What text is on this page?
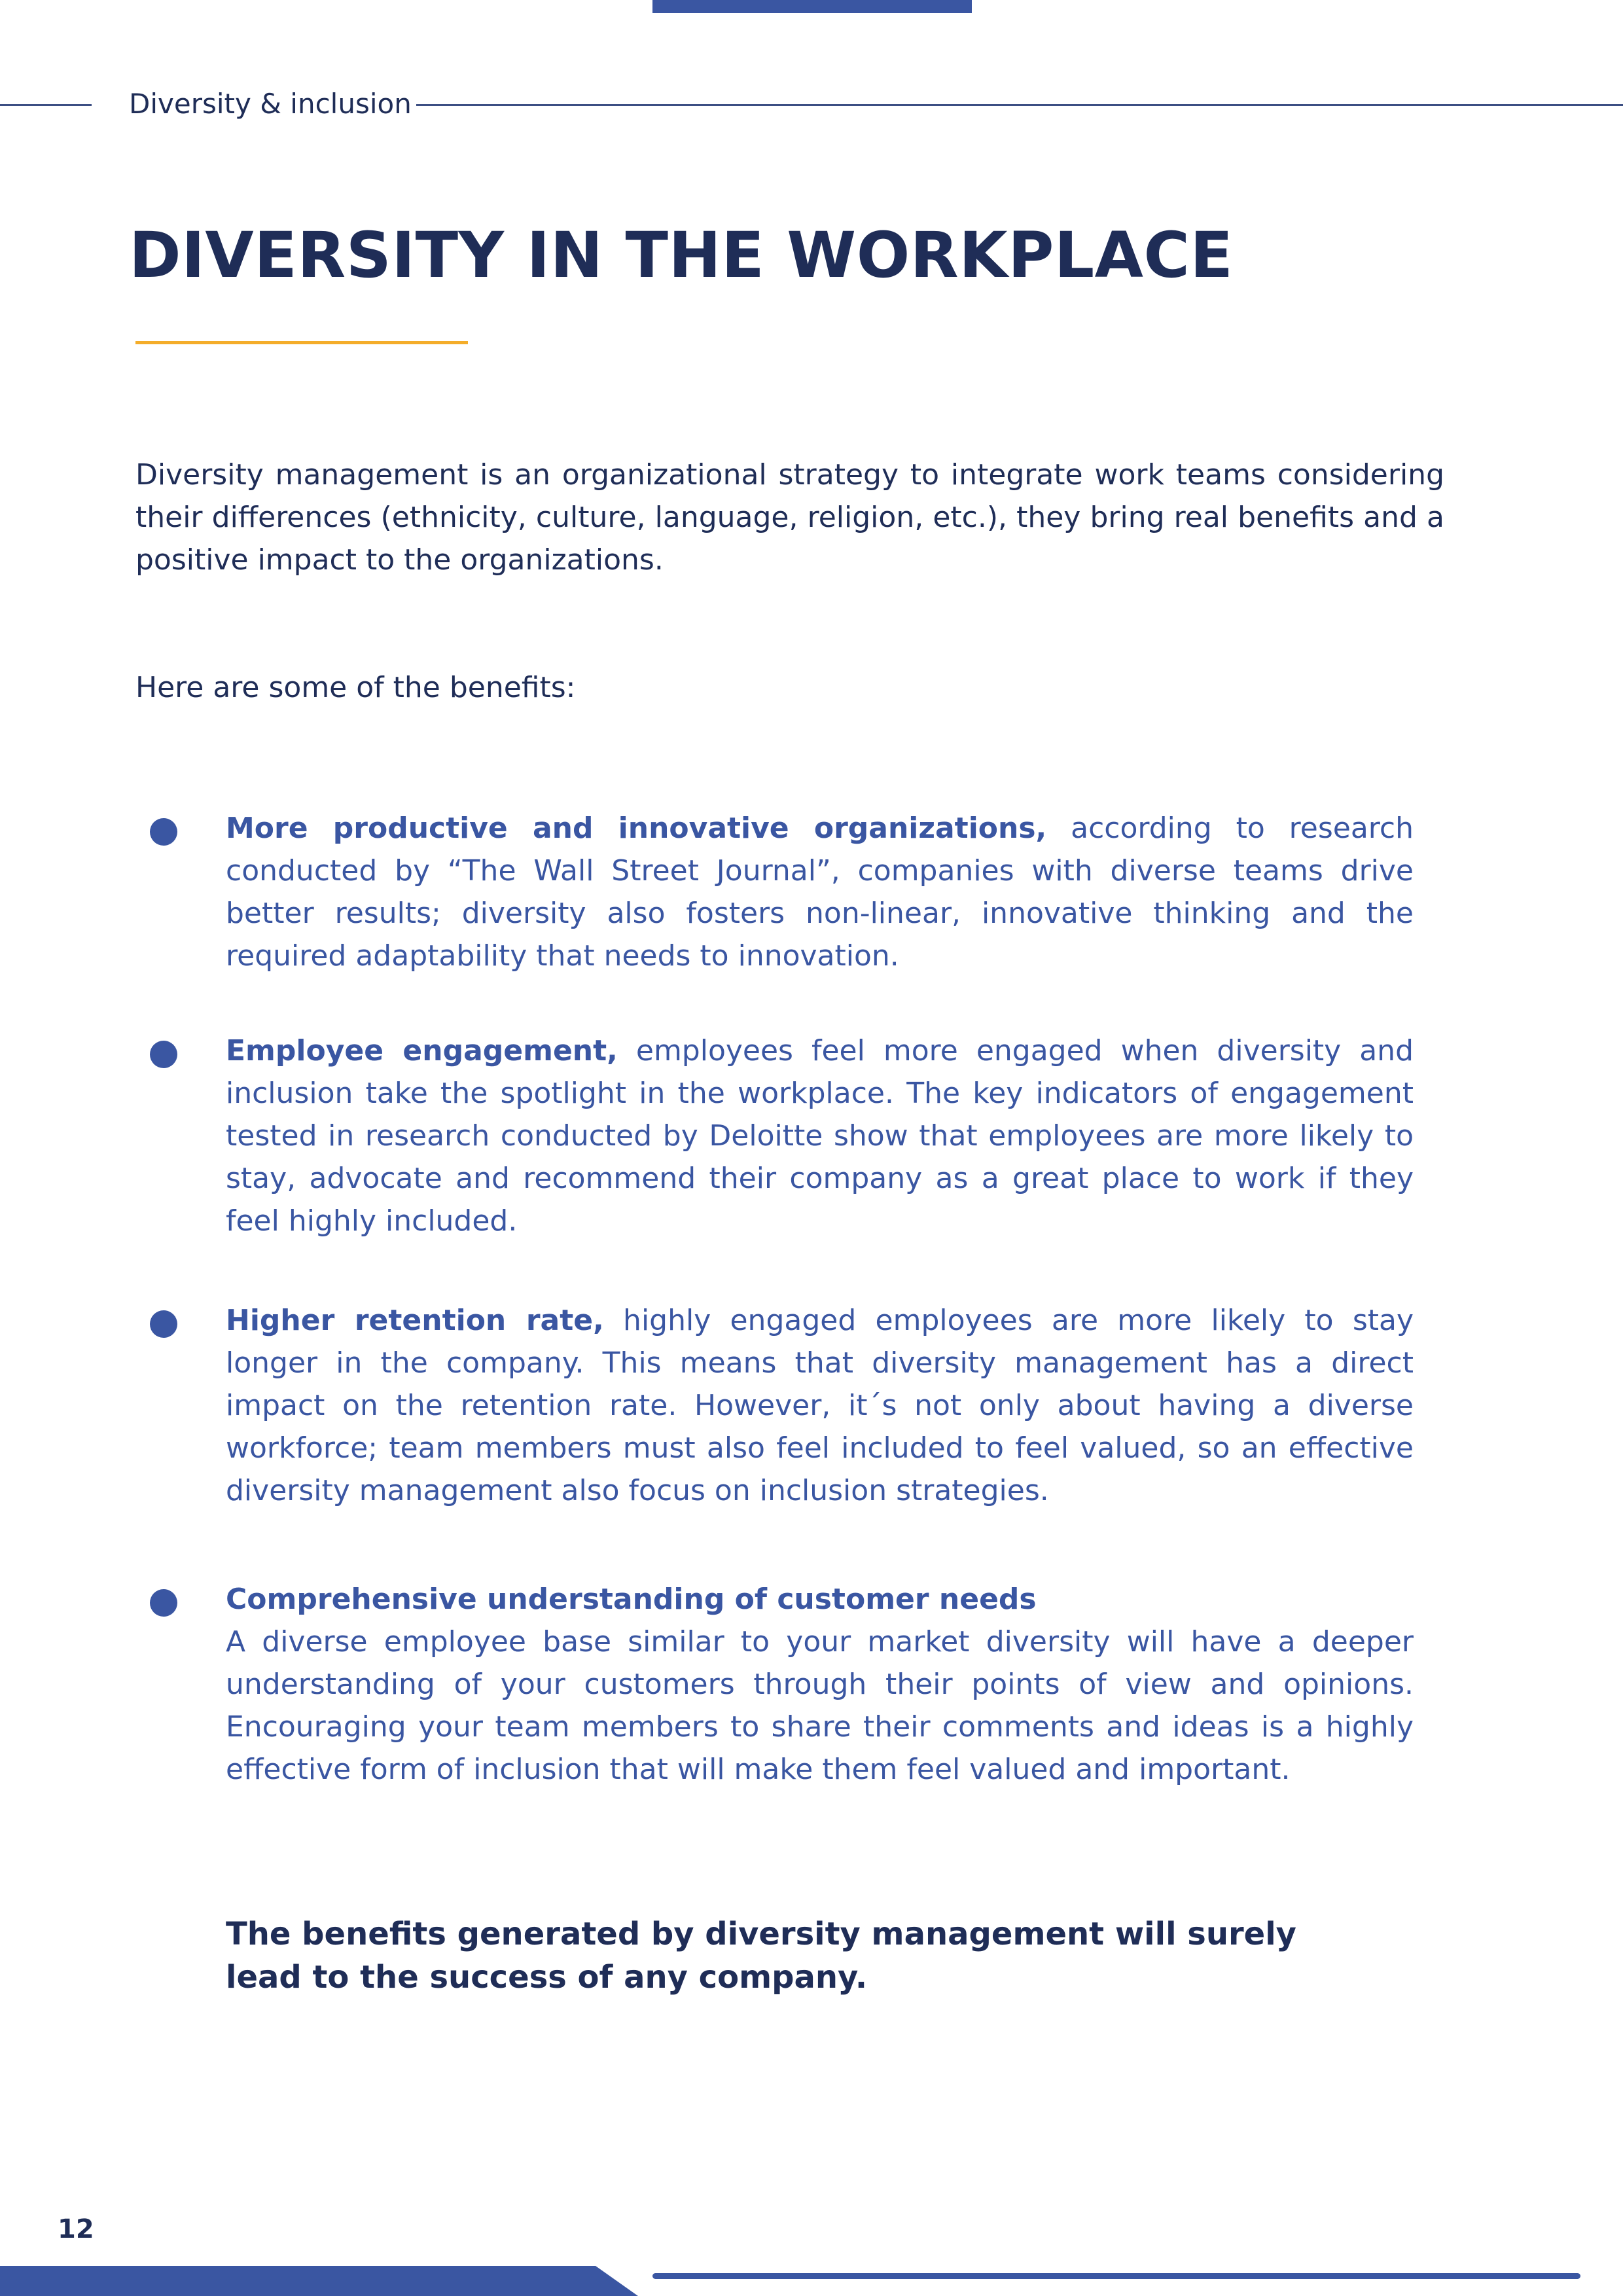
Diversity & inclusion
DIVERSITY IN THE WORKPLACE

Diversity management is an organizational strategy to integrate work teams considering their differences (ethnicity, culture, language, religion, etc.), they bring real benefits and a positive impact to the organizations.

Here are some of the benefits:

More productive and innovative organizations, according to research conducted by “The Wall Street Journal”, companies with diverse teams drive better results; diversity also fosters non-linear, innovative thinking and the required adaptability that needs to innovation.

Employee engagement, employees feel more engaged when diversity and inclusion take the spotlight in the workplace. The key indicators of engagement tested in research conducted by Deloitte show that employees are more likely to stay, advocate and recommend their company as a great place to work if they feel highly included.

Higher retention rate, highly engaged employees are more likely to stay longer in the company. This means that diversity management has a direct impact on the retention rate. However, it´s not only about having a diverse workforce; team members must also feel included to feel valued, so an effective diversity management also focus on inclusion strategies.

Comprehensive understanding of customer needs
A diverse employee base similar to your market diversity will have a deeper understanding of your customers through their points of view and opinions. Encouraging your team members to share their comments and ideas is a highly effective form of inclusion that will make them feel valued and important.

The benefits generated by diversity management will surely lead to the success of any company.

12
